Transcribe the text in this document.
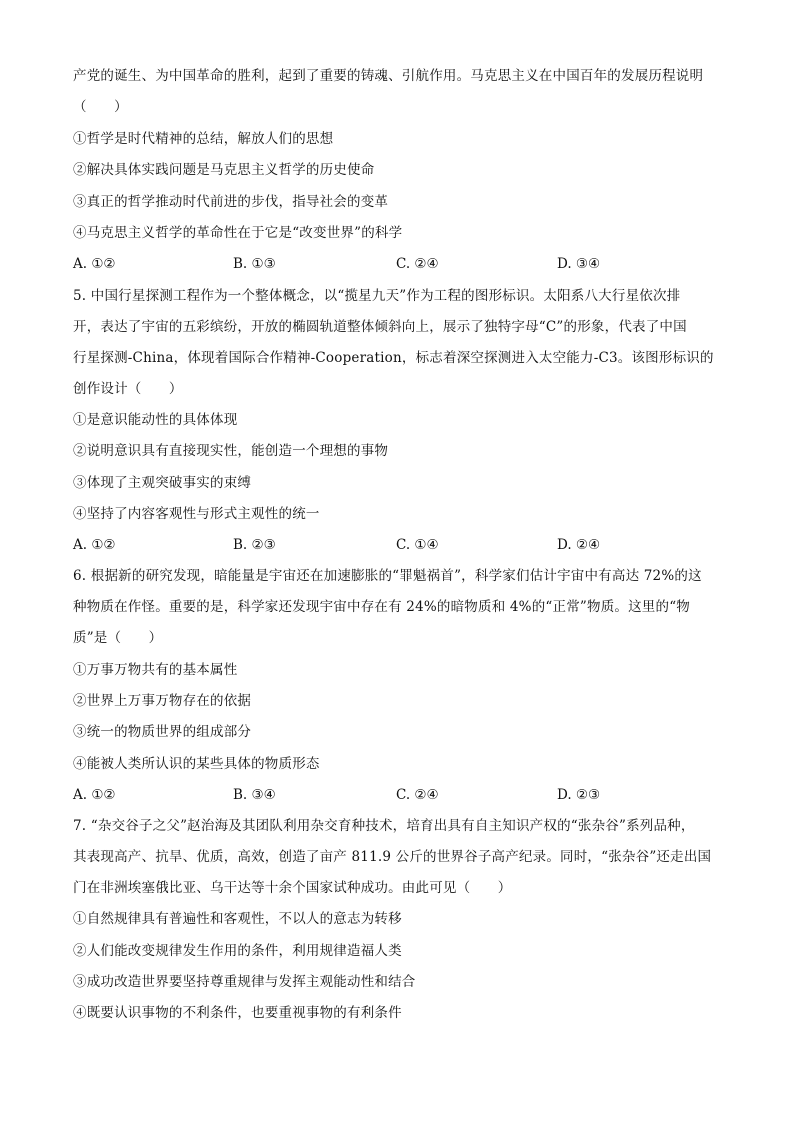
产党的诞生、为中国革命的胜利，起到了重要的铸魂、引航作用。马克思主义在中国百年的发展历程说明
（　　）
①哲学是时代精神的总结，解放人们的思想
②解决具体实践问题是马克思主义哲学的历史使命
③真正的哲学推动时代前进的步伐，指导社会的变革
④马克思主义哲学的革命性在于它是“改变世界”的科学
A. ①②	B. ①③	C. ②④	D. ③④
5. 中国行星探测工程作为一个整体概念，以“揽星九天”作为工程的图形标识。太阳系八大行星依次排
开，表达了宇宙的五彩缤纷，开放的椭圆轨道整体倾斜向上，展示了独特字母“C”的形象，代表了中国
行星探测-China，体现着国际合作精神-Cooperation，标志着深空探测进入太空能力-C3。该图形标识的
创作设计（　　）
①是意识能动性的具体体现
②说明意识具有直接现实性，能创造一个理想的事物
③体现了主观突破事实的束缚
④坚持了内容客观性与形式主观性的统一
A. ①②	B. ②③	C. ①④	D. ②④
6. 根据新的研究发现，暗能量是宇宙还在加速膨胀的“罪魁祸首”，科学家们估计宇宙中有高达 72%的这
种物质在作怪。重要的是，科学家还发现宇宙中存在有 24%的暗物质和 4%的“正常”物质。这里的“物
质”是（　　）
①万事万物共有的基本属性
②世界上万事万物存在的依据
③统一的物质世界的组成部分
④能被人类所认识的某些具体的物质形态
A. ①②	B. ③④	C. ②④	D. ②③
7. “杂交谷子之父”赵治海及其团队利用杂交育种技术，培育出具有自主知识产权的“张杂谷”系列品种，
其表现高产、抗旱、优质，高效，创造了亩产 811.9 公斤的世界谷子高产纪录。同时，“张杂谷”还走出国
门在非洲埃塞俄比亚、乌干达等十余个国家试种成功。由此可见（　　）
①自然规律具有普遍性和客观性，不以人的意志为转移
②人们能改变规律发生作用的条件，利用规律造福人类
③成功改造世界要坚持尊重规律与发挥主观能动性和结合
④既要认识事物的不利条件，也要重视事物的有利条件
